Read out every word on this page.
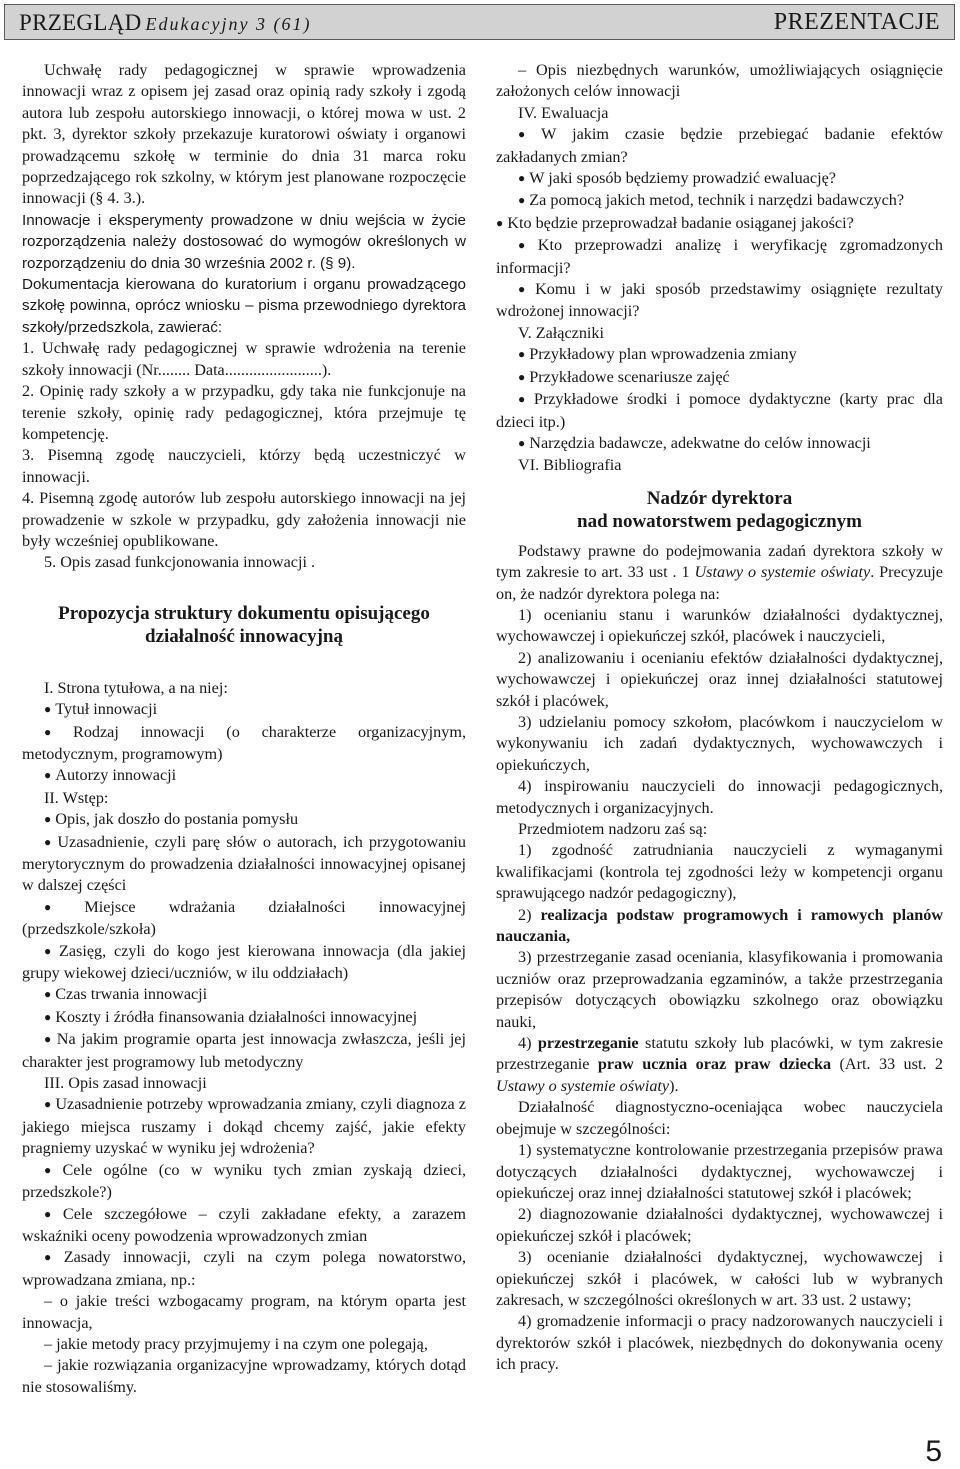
PRZEGLĄD Edukacyjny 3 (61)	PREZENTACJE

Uchwałę rady pedagogicznej w sprawie wprowadzenia innowacji wraz z opisem jej zasad oraz opinią rady szkoły i zgodą autora lub zespołu autorskiego innowacji, o której mowa w ust. 2 pkt. 3, dyrektor szkoły przekazuje kuratorowi oświaty i organowi prowadzącemu szkołę w terminie do dnia 31 marca roku poprzedzającego rok szkolny, w którym jest planowane rozpoczęcie innowacji (§ 4. 3.).

Innowacje i eksperymenty prowadzone w dniu wejścia w życie rozporządzenia należy dostosować do wymogów określonych w rozporządzeniu do dnia 30 września 2002 r. (§ 9).

Dokumentacja kierowana do kuratorium i organu prowadzącego szkołę powinna, oprócz wniosku – pisma przewodniego dyrektora szkoły/przedszkola, zawierać:

1. Uchwałę rady pedagogicznej w sprawie wdrożenia na terenie szkoły innowacji (Nr........ Data........................).

2. Opinię rady szkoły a w przypadku, gdy taka nie funkcjonuje na terenie szkoły, opinię rady pedagogicznej, która przejmuje tę kompetencję.

3. Pisemną zgodę nauczycieli, którzy będą uczestniczyć w innowacji.

4. Pisemną zgodę autorów lub zespołu autorskiego innowacji na jej prowadzenie w szkole w przypadku, gdy założenia innowacji nie były wcześniej opublikowane.

5. Opis zasad funkcjonowania innowacji .

Propozycja struktury dokumentu opisującego działalność innowacyjną

I. Strona tytułowa, a na niej:

● Tytuł innowacji

● Rodzaj innowacji (o charakterze organizacyjnym, metodycznym, programowym)

● Autorzy innowacji

II. Wstęp:

● Opis, jak doszło do postania pomysłu

● Uzasadnienie, czyli parę słów o autorach, ich przygotowaniu merytorycznym do prowadzenia działalności innowacyjnej opisanej w dalszej części

● Miejsce wdrażania działalności innowacyjnej (przedszkole/szkoła)

● Zasięg, czyli do kogo jest kierowana innowacja (dla jakiej grupy wiekowej dzieci/uczniów, w ilu oddziałach)

● Czas trwania innowacji

● Koszty i źródła finansowania działalności innowacyjnej

● Na jakim programie oparta jest innowacja zwłaszcza, jeśli jej charakter jest programowy lub metodyczny

III. Opis zasad innowacji

● Uzasadnienie potrzeby wprowadzania zmiany, czyli diagnoza z jakiego miejsca ruszamy i dokąd chcemy zajść, jakie efekty pragniemy uzyskać w wyniku jej wdrożenia?

● Cele ogólne (co w wyniku tych zmian zyskają dzieci, przedszkole?)

● Cele szczegółowe – czyli zakładane efekty, a zarazem wskaźniki oceny powodzenia wprowadzonych zmian

● Zasady innowacji, czyli na czym polega nowatorstwo, wprowadzana zmiana, np.:

– o jakie treści wzbogacamy program, na którym oparta jest innowacja,

– jakie metody pracy przyjmujemy i na czym one polegają,

– jakie rozwiązania organizacyjne wprowadzamy, których dotąd nie stosowaliśmy.

– Opis niezbędnych warunków, umożliwiających osiągnięcie założonych celów innowacji

IV. Ewaluacja

● W jakim czasie będzie przebiegać badanie efektów zakładanych zmian?

● W jaki sposób będziemy prowadzić ewaluację?

● Za pomocą jakich metod, technik i narzędzi badawczych?

● Kto będzie przeprowadzał badanie osiąganej jakości?

● Kto przeprowadzi analizę i weryfikację zgromadzonych informacji?

● Komu i w jaki sposób przedstawimy osiągnięte rezultaty wdrożonej innowacji?

V. Załączniki

● Przykładowy plan wprowadzenia zmiany

● Przykładowe scenariusze zajęć

● Przykładowe środki i pomoce dydaktyczne (karty prac dla dzieci itp.)

● Narzędzia badawcze, adekwatne do celów innowacji

VI. Bibliografia

Nadzór dyrektora
nad nowatorstwem pedagogicznym

Podstawy prawne do podejmowania zadań dyrektora szkoły w tym zakresie to art. 33 ust . 1 Ustawy o systemie oświaty. Precyzuje on, że nadzór dyrektora polega na:

1) ocenianiu stanu i warunków działalności dydaktycznej, wychowawczej i opiekuńczej szkół, placówek i nauczycieli,

2) analizowaniu i ocenianiu efektów działalności dydaktycznej, wychowawczej i opiekuńczej oraz innej działalności statutowej szkół i placówek,

3) udzielaniu pomocy szkołom, placówkom i nauczycielom w wykonywaniu ich zadań dydaktycznych, wychowawczych i opiekuńczych,

4) inspirowaniu nauczycieli do innowacji pedagogicznych, metodycznych i organizacyjnych.

Przedmiotem nadzoru zaś są:

1) zgodność zatrudniania nauczycieli z wymaganymi kwalifikacjami (kontrola tej zgodności leży w kompetencji organu sprawującego nadzór pedagogiczny),

2) realizacja podstaw programowych i ramowych planów nauczania,

3) przestrzeganie zasad oceniania, klasyfikowania i promowania uczniów oraz przeprowadzania egzaminów, a także przestrzegania przepisów dotyczących obowiązku szkolnego oraz obowiązku nauki,

4) przestrzeganie statutu szkoły lub placówki, w tym zakresie przestrzeganie praw ucznia oraz praw dziecka (Art. 33 ust. 2 Ustawy o systemie oświaty).

Działalność diagnostyczno-oceniająca wobec nauczyciela obejmuje w szczególności:

1) systematyczne kontrolowanie przestrzegania przepisów prawa dotyczących działalności dydaktycznej, wychowawczej i opiekuńczej oraz innej działalności statutowej szkół i placówek;

2) diagnozowanie działalności dydaktycznej, wychowawczej i opiekuńczej szkół i placówek;

3) ocenianie działalności dydaktycznej, wychowawczej i opiekuńczej szkół i placówek, w całości lub w wybranych zakresach, w szczególności określonych w art. 33 ust. 2 ustawy;

4) gromadzenie informacji o pracy nadzorowanych nauczycieli i dyrektorów szkół i placówek, niezbędnych do dokonywania oceny ich pracy.

5
